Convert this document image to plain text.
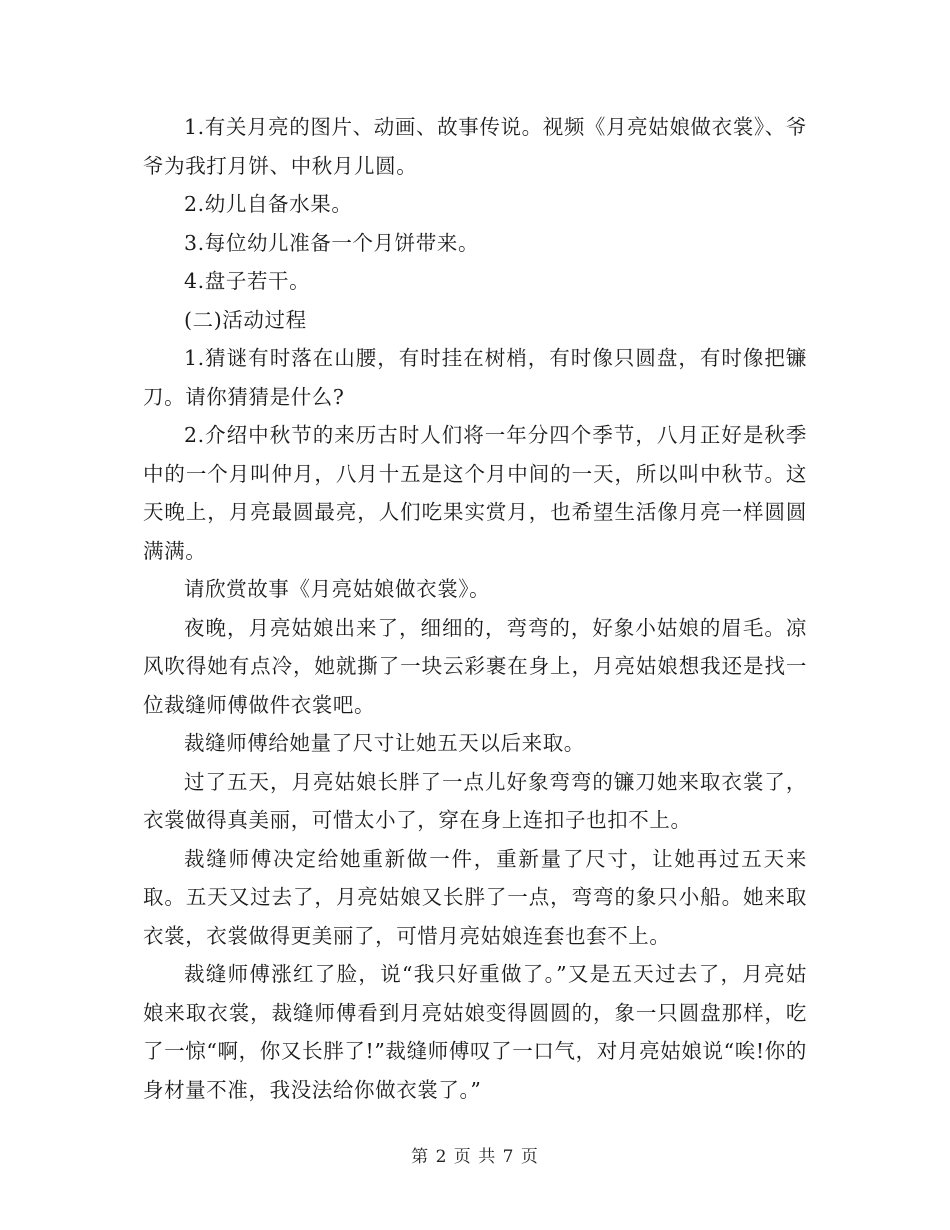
1.有关月亮的图片、动画、故事传说。视频《月亮姑娘做衣裳》、爷爷为我打月饼、中秋月儿圆。

2.幼儿自备水果。

3.每位幼儿准备一个月饼带来。

4.盘子若干。

(二)活动过程

1.猜谜有时落在山腰，有时挂在树梢，有时像只圆盘，有时像把镰刀。请你猜猜是什么?

2.介绍中秋节的来历古时人们将一年分四个季节，八月正好是秋季中的一个月叫仲月，八月十五是这个月中间的一天，所以叫中秋节。这天晚上，月亮最圆最亮，人们吃果实赏月，也希望生活像月亮一样圆圆满满。

请欣赏故事《月亮姑娘做衣裳》。

夜晚，月亮姑娘出来了，细细的，弯弯的，好象小姑娘的眉毛。凉风吹得她有点冷，她就撕了一块云彩裹在身上，月亮姑娘想我还是找一位裁缝师傅做件衣裳吧。

裁缝师傅给她量了尺寸让她五天以后来取。

过了五天，月亮姑娘长胖了一点儿好象弯弯的镰刀她来取衣裳了，衣裳做得真美丽，可惜太小了，穿在身上连扣子也扣不上。

裁缝师傅决定给她重新做一件，重新量了尺寸，让她再过五天来取。五天又过去了，月亮姑娘又长胖了一点，弯弯的象只小船。她来取衣裳，衣裳做得更美丽了，可惜月亮姑娘连套也套不上。

裁缝师傅涨红了脸，说“我只好重做了。”又是五天过去了，月亮姑娘来取衣裳，裁缝师傅看到月亮姑娘变得圆圆的，象一只圆盘那样，吃了一惊“啊，你又长胖了!”裁缝师傅叹了一口气，对月亮姑娘说“唉!你的身材量不准，我没法给你做衣裳了。”

第 2 页 共 7 页
